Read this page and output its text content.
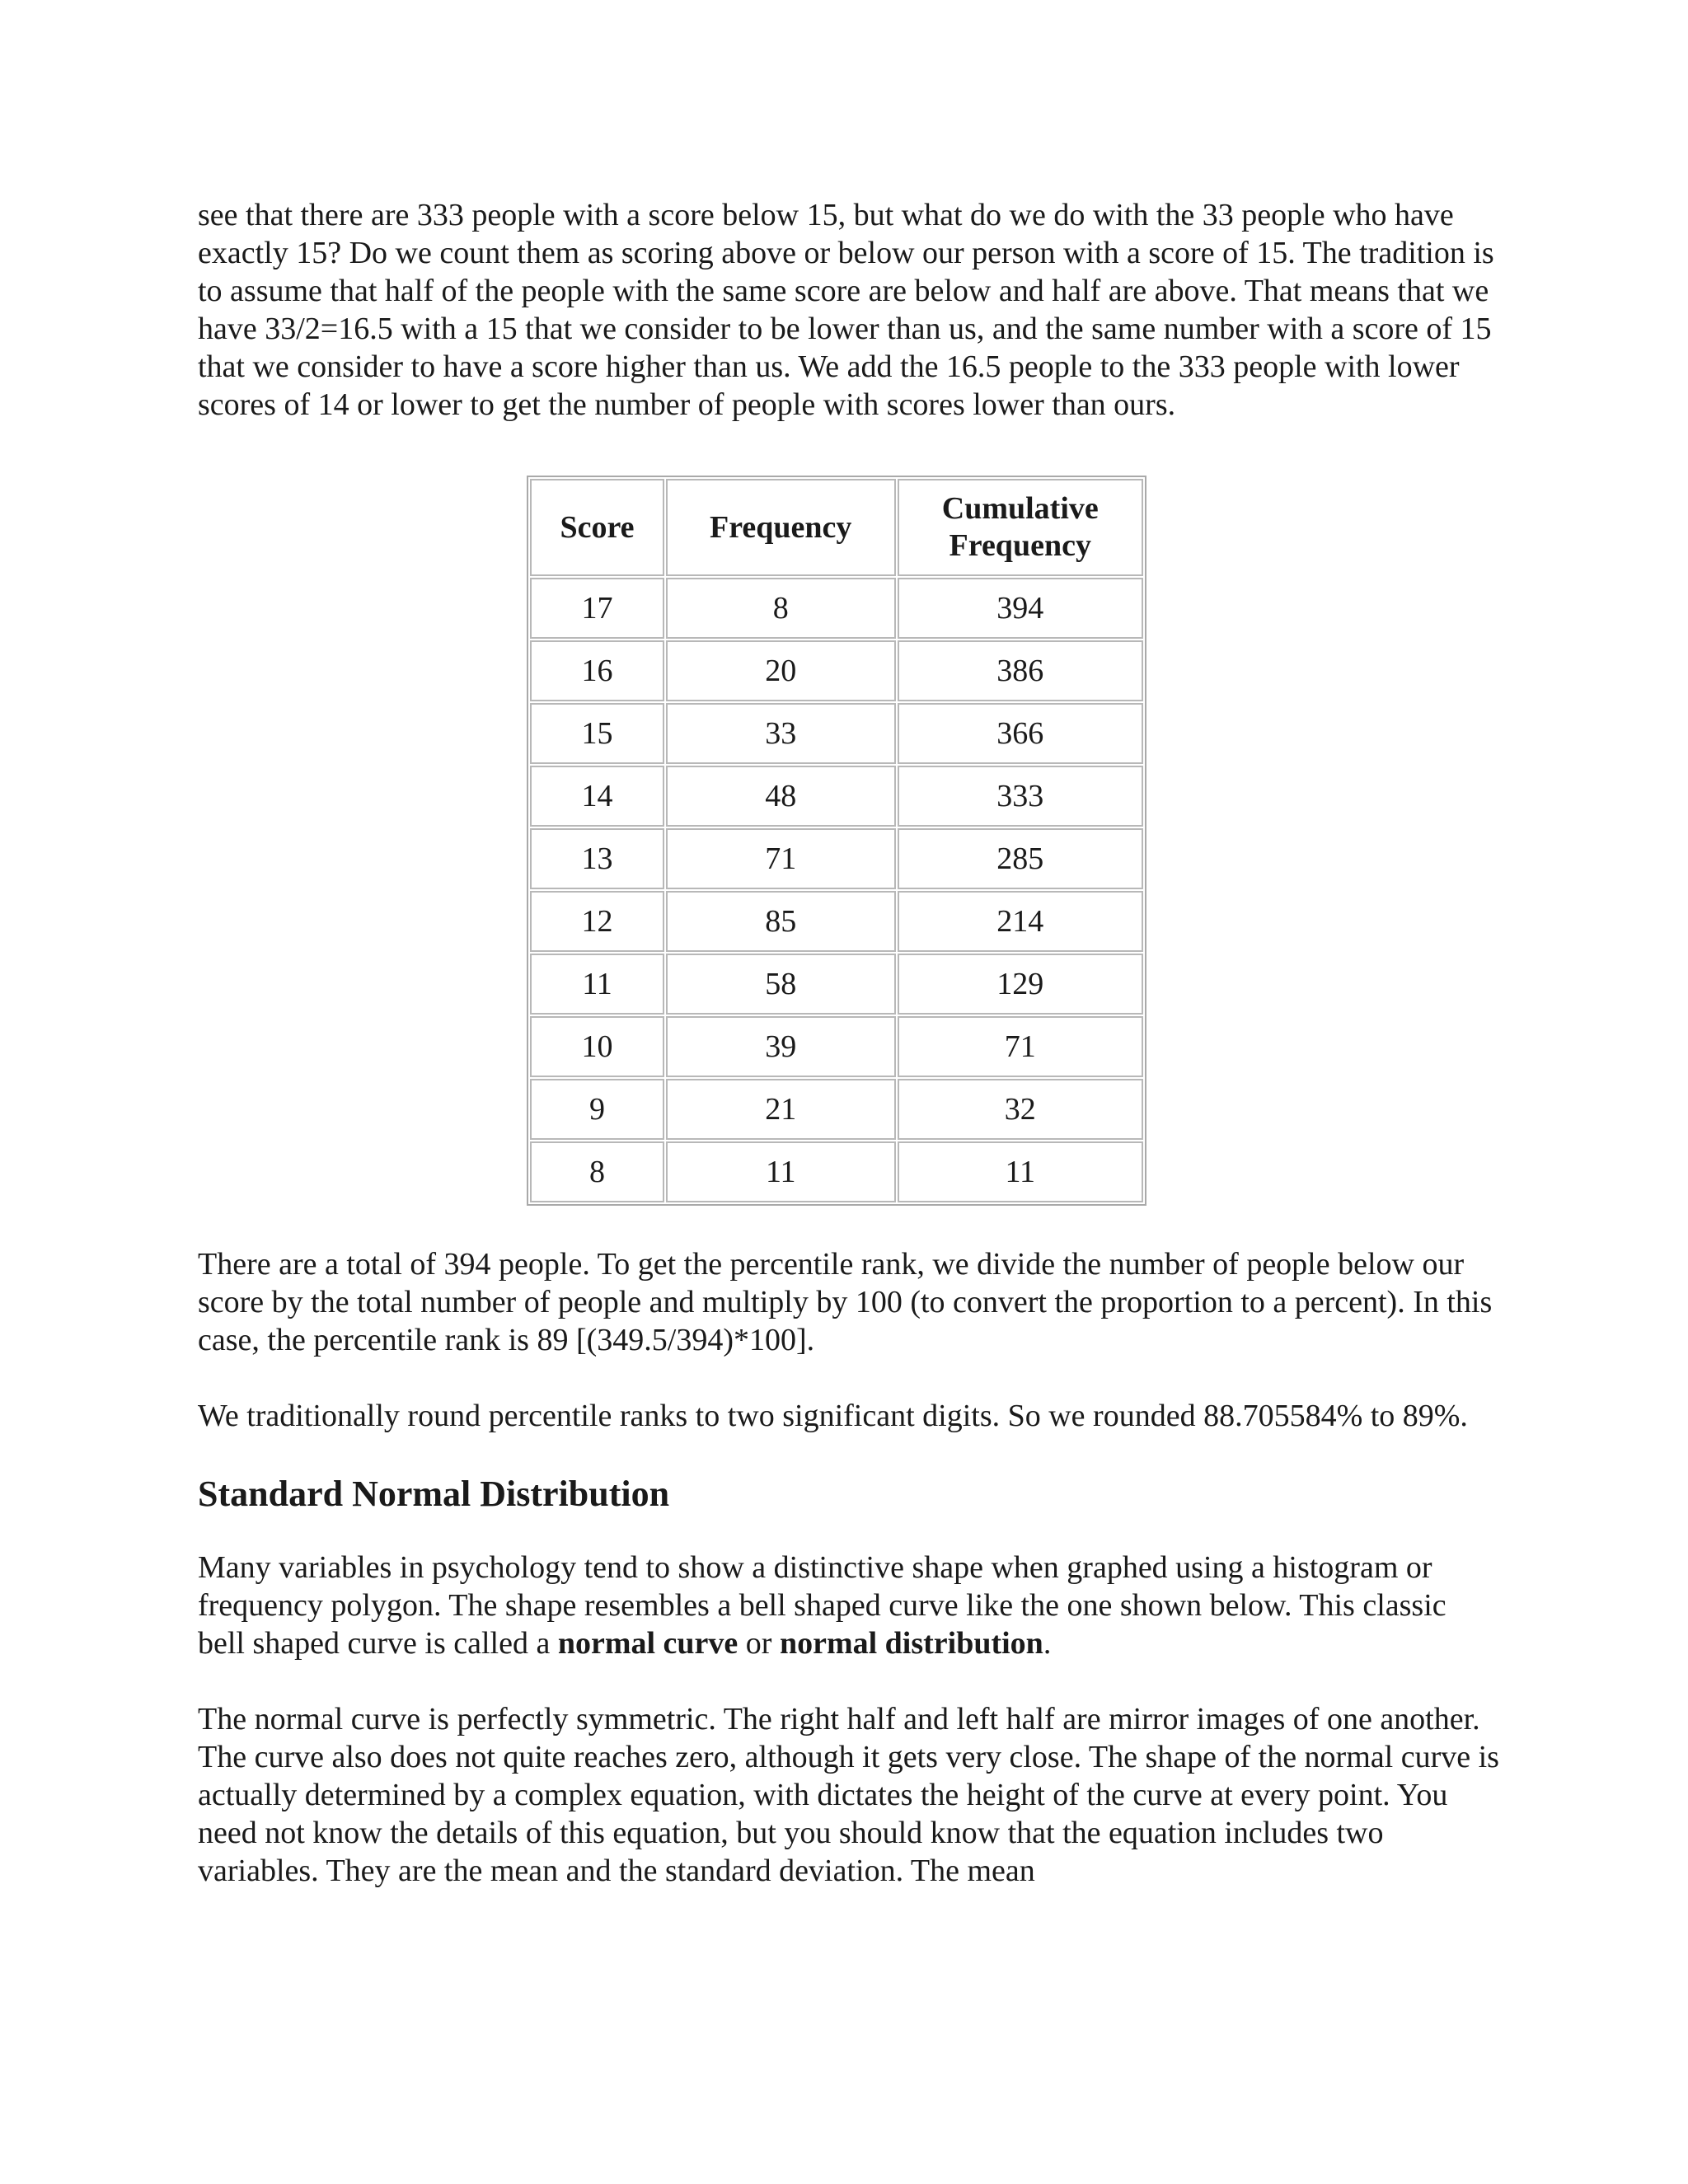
see that there are 333 people with a score below 15, but what do we do with the 33 people who have exactly 15? Do we count them as scoring above or below our person with a score of 15. The tradition is to assume that half of the people with the same score are below and half are above. That means that we have 33/2=16.5 with a 15 that we consider to be lower than us, and the same number with a score of 15 that we consider to have a score higher than us. We add the 16.5 people to the 333 people with lower scores of 14 or lower to get the number of people with scores lower than ours.

Score	Frequency	Cumulative Frequency
17	8	394
16	20	386
15	33	366
14	48	333
13	71	285
12	85	214
11	58	129
10	39	71
9	21	32
8	11	11

There are a total of 394 people. To get the percentile rank, we divide the number of people below our score by the total number of people and multiply by 100 (to convert the proportion to a percent). In this case, the percentile rank is 89 [(349.5/394)*100].

We traditionally round percentile ranks to two significant digits. So we rounded 88.705584% to 89%.

Standard Normal Distribution

Many variables in psychology tend to show a distinctive shape when graphed using a histogram or frequency polygon. The shape resembles a bell shaped curve like the one shown below. This classic bell shaped curve is called a normal curve or normal distribution.

The normal curve is perfectly symmetric. The right half and left half are mirror images of one another. The curve also does not quite reaches zero, although it gets very close. The shape of the normal curve is actually determined by a complex equation, with dictates the height of the curve at every point. You need not know the details of this equation, but you should know that the equation includes two variables. They are the mean and the standard deviation. The mean
